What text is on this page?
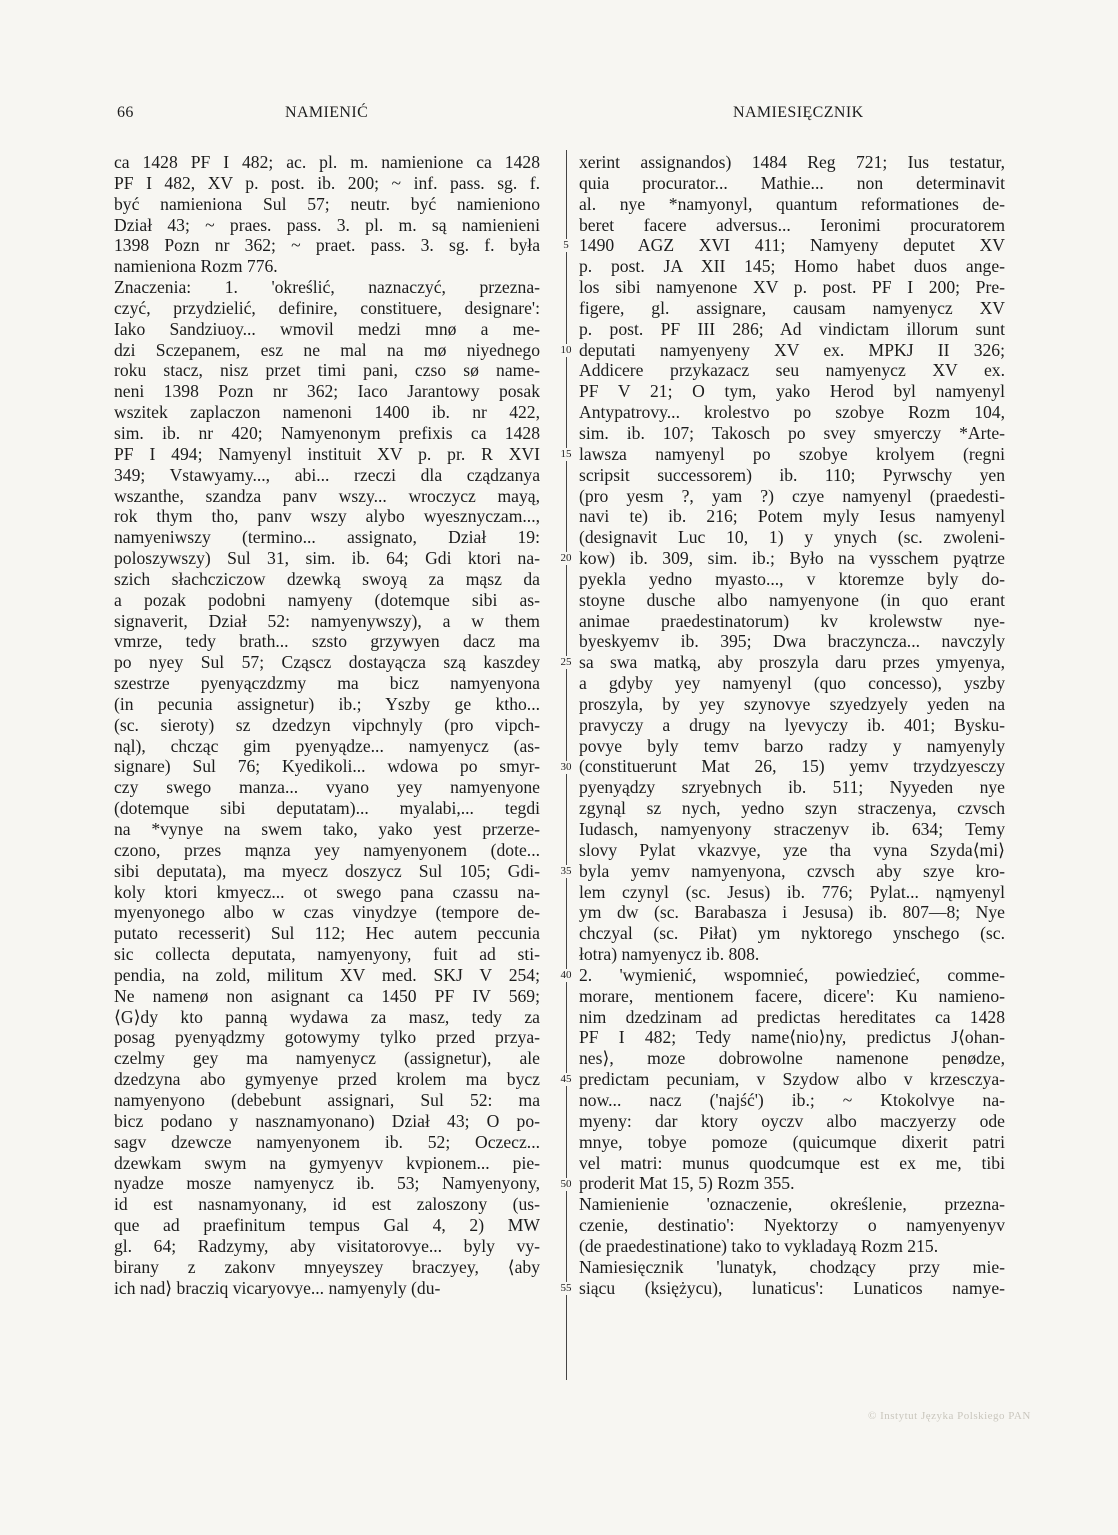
66	NAMIENIĆ	NAMIESIĘCZNIK
ca 1428 PF I 482; ac. pl. m. namienione ca 1428
PF I 482, XV p. post. ib. 200; ~ inf. pass. sg. f.
być namieniona Sul 57; neutr. być namieniono
Dział 43; ~ praes. pass. 3. pl. m. są namienieni
1398 Pozn nr 362; ~ praet. pass. 3. sg. f. była
namieniona Rozm 776.
Znaczenia: 1. 'określić, naznaczyć, przezna-
czyć, przydzielić, definire, constituere, designare':
Iako Sandziuoy... wmovil medzi mnø a me-
dzi Sczepanem, esz ne mal na mø niyednego
roku stacz, nisz przet timi pani, czso sø name-
neni 1398 Pozn nr 362; Iaco Jarantowy posak
wszitek zaplaczon namenoni 1400 ib. nr 422,
sim. ib. nr 420; Namyenonym prefixis ca 1428
PF I 494; Namyenyl instituit XV p. pr. R XVI
349; Vstawyamy..., abi... rzeczi dla cządzanya
wszanthe, szandza panv wszy... wroczycz mayą,
rok thym tho, panv wszy alybo wyesznyczam...,
namyeniwszy (termino... assignato, Dział 19:
poloszywszy) Sul 31, sim. ib. 64; Gdi ktori na-
szich słachcziczow dzewką swoyą za mąsz da
a pozak podobni namyeny (dotemque sibi as-
signaverit, Dział 52: namyenywszy), a w them
vmrze, tedy brath... szsto grzywyen dacz ma
po nyey Sul 57; Cząscz dostayącza szą kaszdey
szestrze pyenyączdzmy ma bicz namyenyona
(in pecunia assignetur) ib.; Yszby ge ktho...
(sc. sieroty) sz dzedzyn vipchnyly (pro vipch-
nąl), chcząc gim pyenyądze... namyenycz (as-
signare) Sul 76; Kyedikoli... wdowa po smyr-
czy swego manza... vyano yey namyenyone
(dotemque sibi deputatam)... myalabi,... tegdi
na *vynye na swem tako, yako yest przerze-
czono, przes mąnza yey namyenyonem (dote...
sibi deputata), ma myecz doszycz Sul 105; Gdi-
koly ktori kmyecz... ot swego pana czassu na-
myenyonego albo w czas vinydzye (tempore de-
putato recesserit) Sul 112; Hec autem peccunia
sic collecta deputata, namyenyony, fuit ad sti-
pendia, na zold, militum XV med. SKJ V 254;
Ne namenø non asignant ca 1450 PF IV 569;
⟨G⟩dy kto panną wydawa za masz, tedy za
posag pyenyądzmy gotowymy tylko przed przya-
czelmy gey ma namyenycz (assignetur), ale
dzedzyna abo gymyenye przed krolem ma bycz
namyenyono (debebunt assignari, Sul 52: ma
bicz podano y nasznamyonano) Dział 43; O po-
sagv dzewcze namyenyonem ib. 52; Oczecz...
dzewkam swym na gymyenyv kvpionem... pie-
nyadze mosze namyenycz ib. 53; Namyenyony,
id est nasnamyonany, id est zaloszony (us-
que ad praefinitum tempus Gal 4, 2) MW
gl. 64; Radzymy, aby visitatorovye... byly vy-
birany z zakonv mnyeyszey braczyey, ⟨aby
ich nad⟩ bracziq vicaryovye... namyenyly (du-
5
10
15
20
25
30
35
40
45
50
55
xerint assignandos) 1484 Reg 721; Ius testatur,
quia procurator... Mathie... non determinavit
al. nye *namyonyl, quantum reformationes de-
beret facere adversus... Ieronimi procuratorem
1490 AGZ XVI 411; Namyeny deputet XV
p. post. JA XII 145; Homo habet duos ange-
los sibi namyenone XV p. post. PF I 200; Pre-
figere, gl. assignare, causam namyenycz XV
p. post. PF III 286; Ad vindictam illorum sunt
deputati namyenyeny XV ex. MPKJ II 326;
Addicere przykazacz seu namyenycz XV ex.
PF V 21; O tym, yako Herod byl namyenyl
Antypatrovy... krolestvo po szobye Rozm 104,
sim. ib. 107; Takosch po svey smyerczy *Arte-
lawsza namyenyl po szobye krolyem (regni
scripsit successorem) ib. 110; Pyrwschy yen
(pro yesm ?, yam ?) czye namyenyl (praedesti-
navi te) ib. 216; Potem myly Iesus namyenyl
(designavit Luc 10, 1) y ynych (sc. zwoleni-
kow) ib. 309, sim. ib.; Było na vysschem pyątrze
pyekla yedno myasto..., v ktoremze byly do-
stoyne dusche albo namyenyone (in quo erant
animae praedestinatorum) kv krolewstw nye-
byeskyemv ib. 395; Dwa braczyncza... navczyly
sa swa matką, aby proszyla daru przes ymyenya,
a gdyby yey namyenyl (quo concesso), yszby
proszyla, by yey szynovye szyedzyely yeden na
pravyczy a drugy na lyevyczy ib. 401; Bysku-
povye byly temv barzo radzy y namyenyly
(constituerunt Mat 26, 15) yemv trzydzyesczy
pyenyądzy szryebnych ib. 511; Nyyeden nye
zgynąl sz nych, yedno szyn straczenya, czvsch
Iudasch, namyenyony straczenyv ib. 634; Temy
slovy Pylat vkazvye, yze tha vyna Szyda⟨mi⟩
byla yemv namyenyona, czvsch aby szye kro-
lem czynyl (sc. Jesus) ib. 776; Pylat... nąmyenyl
ym dw (sc. Barabasza i Jesusa) ib. 807—8; Nye
chczyal (sc. Piłat) ym nyktorego ynschego (sc.
łotra) namyenycz ib. 808.
2. 'wymienić, wspomnieć, powiedzieć, comme-
morare, mentionem facere, dicere': Ku namieno-
nim dzedzinam ad predictas hereditates ca 1428
PF I 482; Tedy name⟨nio⟩ny, predictus J⟨ohan-
nes⟩, moze dobrowolne namenone penødze,
predictam pecuniam, v Szydow albo v krzesczya-
now... nacz ('najść') ib.; ~ Ktokolvye na-
myeny: dar ktory oyczv albo maczyerzy ode
mnye, tobye pomoze (quicumque dixerit patri
vel matri: munus quodcumque est ex me, tibi
proderit Mat 15, 5) Rozm 355.
Namienienie 'oznaczenie, określenie, przezna-
czenie, destinatio': Nyektorzy o namyenyenyv
(de praedestinatione) tako to vykladayą Rozm 215.
Namiesięcznik 'lunatyk, chodzący przy mie-
siącu (księżycu), lunaticus': Lunaticos namye-
© Instytut Języka Polskiego PAN
